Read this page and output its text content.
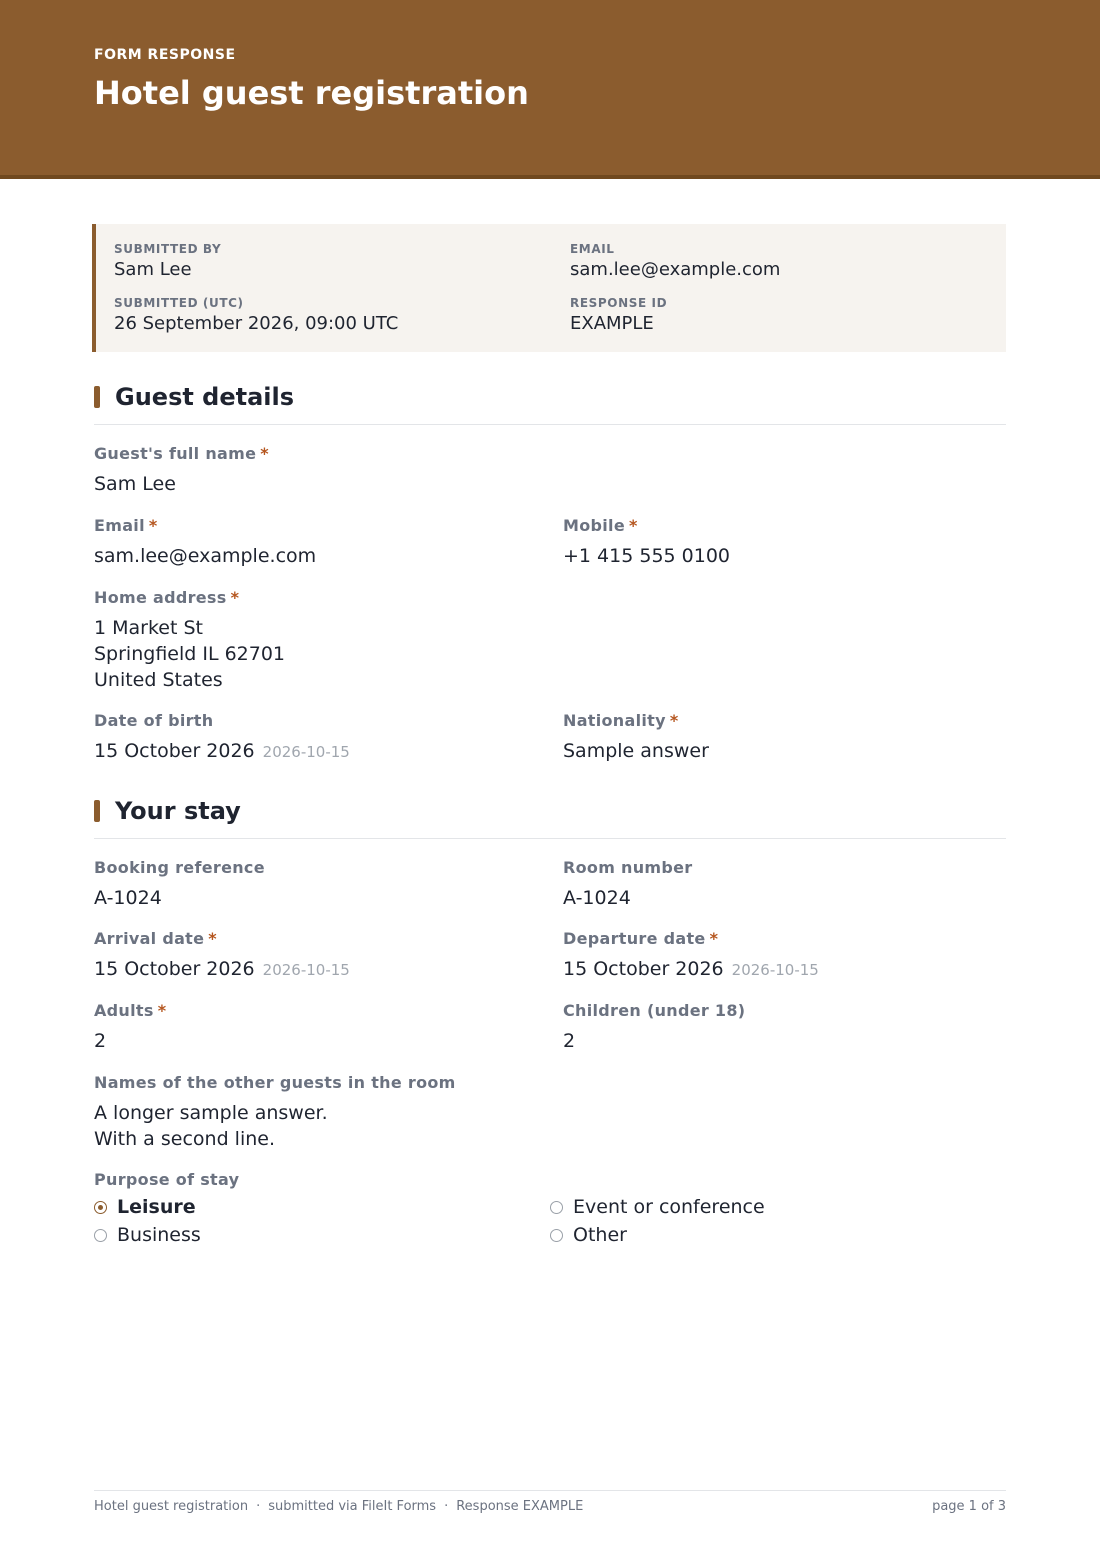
FORM RESPONSE
Hotel guest registration
SUBMITTED BY
Sam Lee
EMAIL
sam.lee@example.com
SUBMITTED (UTC)
26 September 2026, 09:00 UTC
RESPONSE ID
EXAMPLE
Guest details
Guest's full name *
Sam Lee
Email *
sam.lee@example.com
Mobile *
+1 415 555 0100
Home address *
1 Market St
Springfield IL 62701
United States
Date of birth
15 October 2026 2026-10-15
Nationality *
Sample answer
Your stay
Booking reference
A-1024
Room number
A-1024
Arrival date *
15 October 2026 2026-10-15
Departure date *
15 October 2026 2026-10-15
Adults *
2
Children (under 18)
2
Names of the other guests in the room
A longer sample answer.
With a second line.
Purpose of stay
Leisure
Business
Event or conference
Other
Hotel guest registration · submitted via FileIt Forms · Response EXAMPLE	page 1 of 3
